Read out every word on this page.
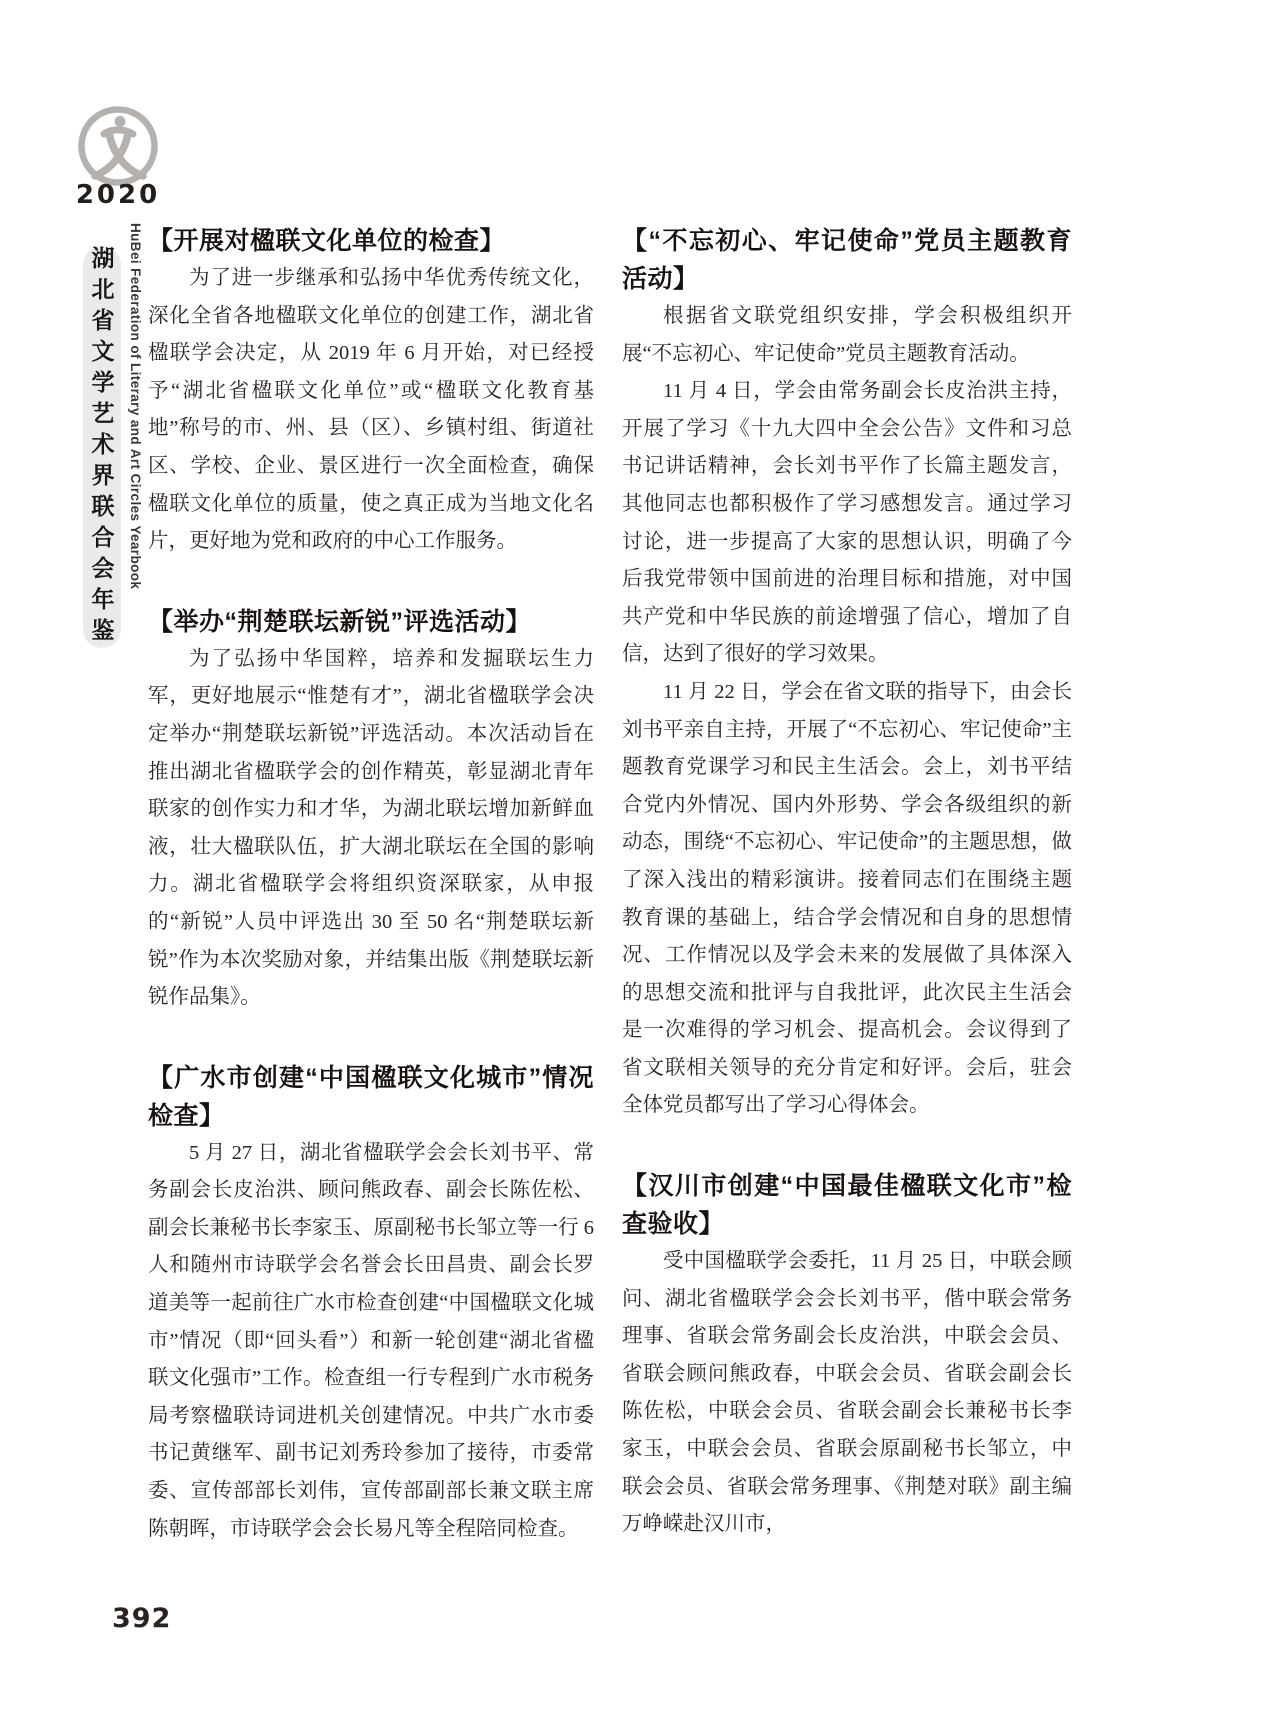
2020
湖北省文学艺术界联合会年鉴 HuBei Federation of Literary and Art Circles Yearbook 【开展对楹联文化单位的检查】

为了进一步继承和弘扬中华优秀传统文化，深化全省各地楹联文化单位的创建工作，湖北省楹联学会决定，从 2019 年 6 月开始，对已经授予“湖北省楹联文化单位”或“楹联文化教育基地”称号的市、州、县（区）、乡镇村组、街道社区、学校、企业、景区进行一次全面检查，确保楹联文化单位的质量，使之真正成为当地文化名片，更好地为党和政府的中心工作服务。

【举办“荆楚联坛新锐”评选活动】

为了弘扬中华国粹，培养和发掘联坛生力军，更好地展示“惟楚有才”，湖北省楹联学会决定举办“荆楚联坛新锐”评选活动。本次活动旨在推出湖北省楹联学会的创作精英，彰显湖北青年联家的创作实力和才华，为湖北联坛增加新鲜血液，壮大楹联队伍，扩大湖北联坛在全国的影响力。湖北省楹联学会将组织资深联家，从申报的“新锐”人员中评选出 30 至 50 名“荆楚联坛新锐”作为本次奖励对象，并结集出版《荆楚联坛新锐作品集》。

【广水市创建“中国楹联文化城市”情况检查】

5 月 27 日，湖北省楹联学会会长刘书平、常务副会长皮治洪、顾问熊政春、副会长陈佐松、副会长兼秘书长李家玉、原副秘书长邹立等一行 6 人和随州市诗联学会名誉会长田昌贵、副会长罗道美等一起前往广水市检查创建“中国楹联文化城市”情况（即“回头看”）和新一轮创建“湖北省楹联文化强市”工作。检查组一行专程到广水市税务局考察楹联诗词进机关创建情况。中共广水市委书记黄继军、副书记刘秀玲参加了接待，市委常委、宣传部部长刘伟，宣传部副部长兼文联主席陈朝晖，市诗联学会会长易凡等全程陪同检查。

【“不忘初心、牢记使命”党员主题教育活动】

根据省文联党组织安排，学会积极组织开展“不忘初心、牢记使命”党员主题教育活动。

11 月 4 日，学会由常务副会长皮治洪主持，开展了学习《十九大四中全会公告》文件和习总书记讲话精神，会长刘书平作了长篇主题发言，其他同志也都积极作了学习感想发言。通过学习讨论，进一步提高了大家的思想认识，明确了今后我党带领中国前进的治理目标和措施，对中国共产党和中华民族的前途增强了信心，增加了自信，达到了很好的学习效果。

11 月 22 日，学会在省文联的指导下，由会长刘书平亲自主持，开展了“不忘初心、牢记使命”主题教育党课学习和民主生活会。会上，刘书平结合党内外情况、国内外形势、学会各级组织的新动态，围绕“不忘初心、牢记使命”的主题思想，做了深入浅出的精彩演讲。接着同志们在围绕主题教育课的基础上，结合学会情况和自身的思想情况、工作情况以及学会未来的发展做了具体深入的思想交流和批评与自我批评，此次民主生活会是一次难得的学习机会、提高机会。会议得到了省文联相关领导的充分肯定和好评。会后，驻会全体党员都写出了学习心得体会。

【汉川市创建“中国最佳楹联文化市”检查验收】

受中国楹联学会委托，11 月 25 日，中联会顾问、湖北省楹联学会会长刘书平，偕中联会常务理事、省联会常务副会长皮治洪，中联会会员、省联会顾问熊政春，中联会会员、省联会副会长陈佐松，中联会会员、省联会副会长兼秘书长李家玉，中联会会员、省联会原副秘书长邹立，中联会会员、省联会常务理事、《荆楚对联》副主编万峥嵘赴汉川市，

392
